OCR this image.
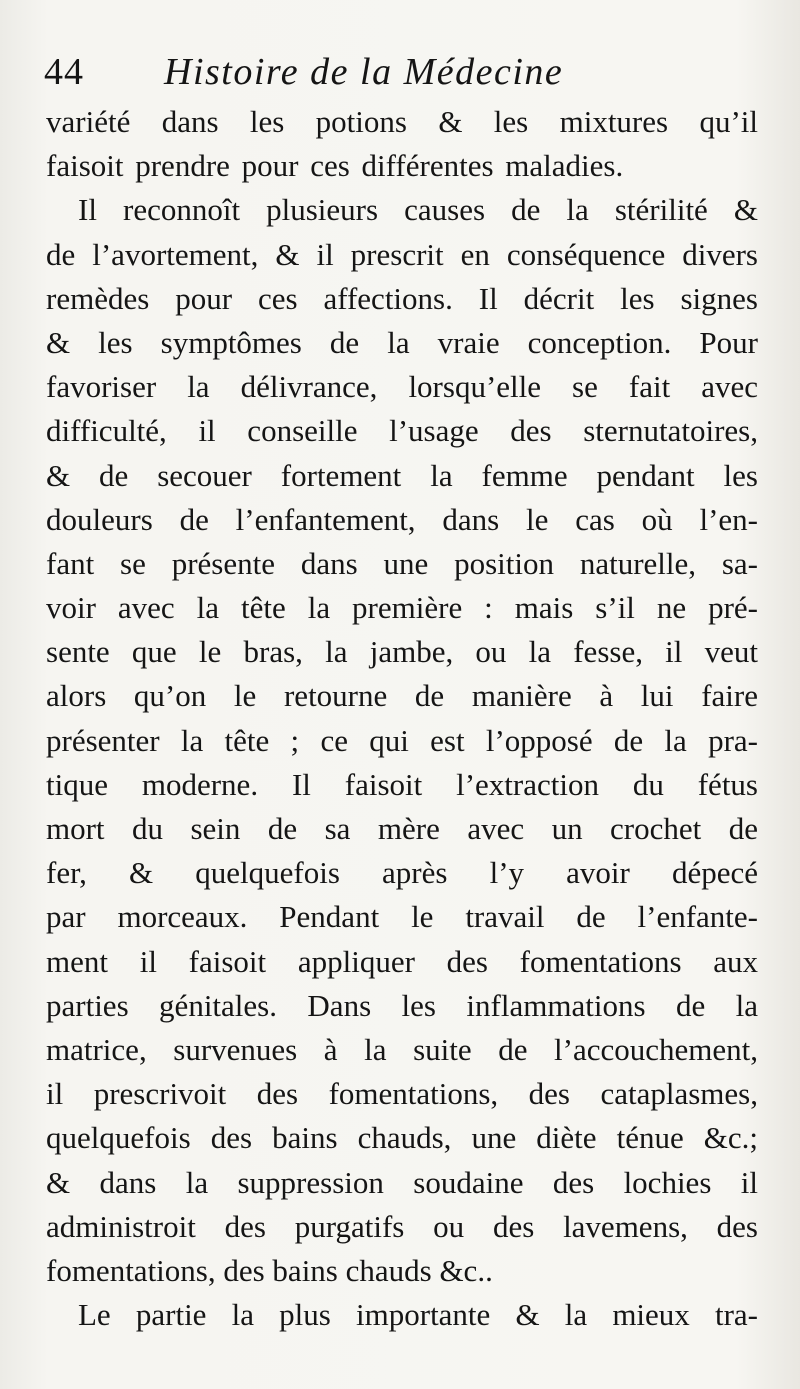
44	Histoire de la Médecine
variété dans les potions & les mixtures qu’il
faisoit prendre pour ces différentes maladies.
Il reconnoît plusieurs causes de la stérilité &
de l’avortement, & il prescrit en conséquence divers
remèdes pour ces affections. Il décrit les signes
& les symptômes de la vraie conception. Pour
favoriser la délivrance, lorsqu’elle se fait avec
difficulté, il conseille l’usage des sternutatoires,
& de secouer fortement la femme pendant les
douleurs de l’enfantement, dans le cas où l’en-
fant se présente dans une position naturelle, sa-
voir avec la tête la première : mais s’il ne pré-
sente que le bras, la jambe, ou la fesse, il veut
alors qu’on le retourne de manière à lui faire
présenter la tête ; ce qui est l’opposé de la pra-
tique moderne. Il faisoit l’extraction du fétus
mort du sein de sa mère avec un crochet de
fer, & quelquefois après l’y avoir dépecé
par morceaux. Pendant le travail de l’enfante-
ment il faisoit appliquer des fomentations aux
parties génitales. Dans les inflammations de la
matrice, survenues à la suite de l’accouchement,
il prescrivoit des fomentations, des cataplasmes,
quelquefois des bains chauds, une diète ténue &c.;
& dans la suppression soudaine des lochies il
administroit des purgatifs ou des lavemens, des
fomentations, des bains chauds &c..
Le partie la plus importante & la mieux tra-
